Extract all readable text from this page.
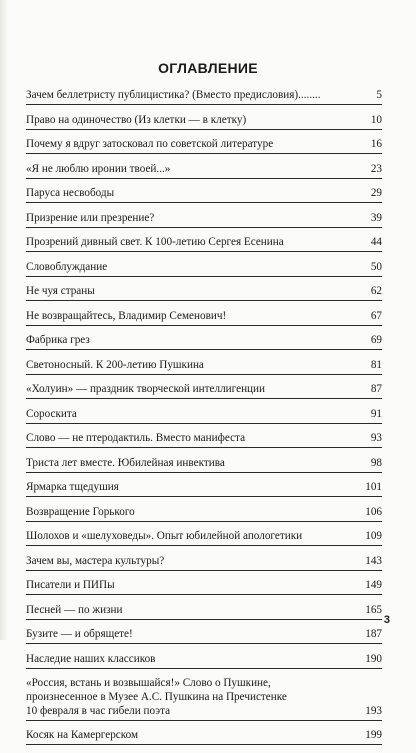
ОГЛАВЛЕНИЕ
Зачем беллетристу публицистика? (Вместо предисловия)........	5
Право на одиночество (Из клетки — в клетку)	10
Почему я вдруг затосковал по советской литературе	16
«Я не люблю иронии твоей...»	23
Паруса несвободы	29
Призрение или презрение?	39
Прозрений дивный свет. К 100-летию Сергея Есенина	44
Словоблуждание	50
Не чуя страны	62
Не возвращайтесь, Владимир Семенович!	67
Фабрика грез	69
Светоносный. К 200-летию Пушкина	81
«Холуин» — праздник творческой интеллигенции	87
Сороскита	91
Слово — не птеродактиль. Вместо манифеста	93
Триста лет вместе. Юбилейная инвектива	98
Ярмарка тщедушия	101
Возвращение Горького	106
Шолохов и «шелуховеды». Опыт юбилейной апологетики	109
Зачем вы, мастера культуры?	143
Писатели и ПИПы	149
Песней — по жизни	165
Бузите — и обрящете!	187
Наследие наших классиков	190
«Россия, встань и возвышайся!» Слово о Пушкине,
произнесенное в Музее А.С. Пушкина на Пречистенке
10 февраля в час гибели поэта	193
Косяк на Камергерском	199
3
